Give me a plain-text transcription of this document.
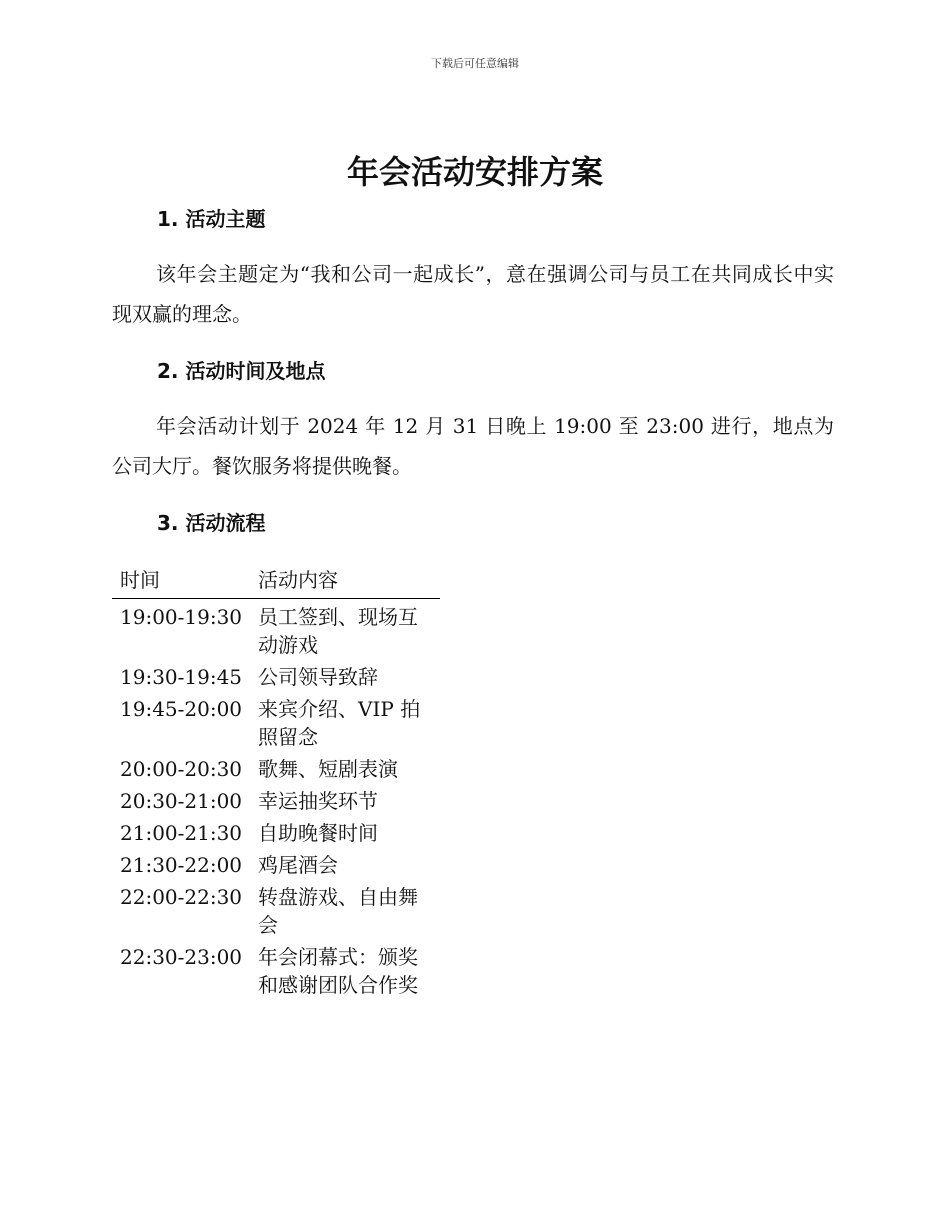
下载后可任意编辑
年会活动安排方案
1. 活动主题

该年会主题定为“我和公司一起成长”，意在强调公司与员工在共同成长中实现双赢的理念。

2. 活动时间及地点

年会活动计划于 2024 年 12 月 31 日晚上 19:00 至 23:00 进行，地点为公司大厅。餐饮服务将提供晚餐。

3. 活动流程
时间	活动内容
19:00-19:30	员工签到、现场互动游戏
19:30-19:45	公司领导致辞
19:45-20:00	来宾介绍、VIP 拍照留念
20:00-20:30	歌舞、短剧表演
20:30-21:00	幸运抽奖环节
21:00-21:30	自助晚餐时间
21:30-22:00	鸡尾酒会
22:00-22:30	转盘游戏、自由舞会
22:30-23:00	年会闭幕式：颁奖和感谢团队合作奖
